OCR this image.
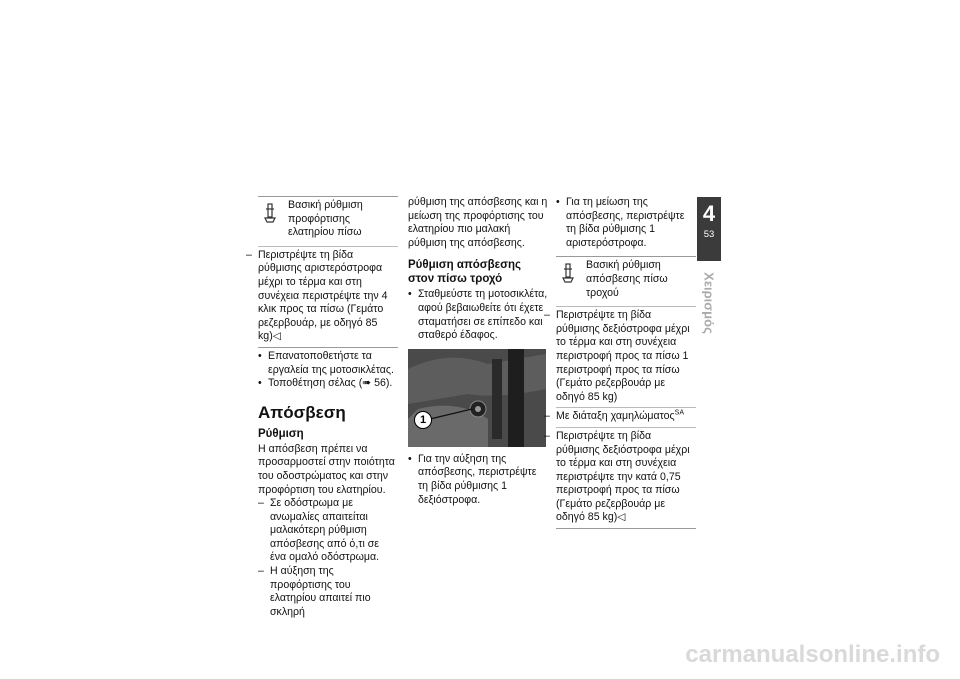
Βασική ρύθμιση προφόρτισης ελατηρίου πίσω
– Περιστρέψτε τη βίδα ρύθμισης αριστερόστροφα μέχρι το τέρμα και στη συνέχεια περιστρέψτε την 4 κλικ προς τα πίσω (Γεμάτο ρεζερβουάρ, με οδηγό 85 kg)◁

• Επανατοποθετήστε τα εργαλεία της μοτοσικλέτας.

• Τοποθέτηση σέλας (➠ 56).

Απόσβεση
Ρύθμιση

Η απόσβεση πρέπει να προσαρμοστεί στην ποιότητα του οδοστρώματος και στην προφόρτιση του ελατηρίου.

– Σε οδόστρωμα με ανωμαλίες απαιτείται μαλακότερη ρύθμιση απόσβεσης από ό,τι σε ένα ομαλό οδόστρωμα.

– Η αύξηση της προφόρτισης του ελατηρίου απαιτεί πιο σκληρή

ρύθμιση της απόσβεσης και η μείωση της προφόρτισης του ελατηρίου πιο μαλακή ρύθμιση της απόσβεσης.

Ρύθμιση απόσβεσης στον πίσω τροχό

• Σταθμεύστε τη μοτοσικλέτα, αφού βεβαιωθείτε ότι έχετε σταματήσει σε επίπεδο και σταθερό έδαφος.

1

• Για την αύξηση της απόσβεσης, περιστρέψτε τη βίδα ρύθμισης 1 δεξιόστροφα.

• Για τη μείωση της απόσβεσης, περιστρέψτε τη βίδα ρύθμισης 1 αριστερόστροφα.

Βασική ρύθμιση απόσβεσης πίσω τροχού
– Περιστρέψτε τη βίδα ρύθμισης δεξιόστροφα μέχρι το τέρμα και στη συνέχεια περιστροφή προς τα πίσω 1 περιστροφή προς τα πίσω (Γεμάτο ρεζερβουάρ με οδηγό 85 kg)
– Με διάταξη χαμηλώματος$^{SA}$
– Περιστρέψτε τη βίδα ρύθμισης δεξιόστροφα μέχρι το τέρμα και στη συνέχεια περιστρέψτε την κατά 0,75 περιστροφή προς τα πίσω (Γεμάτο ρεζερβουάρ με οδηγό 85 kg)◁
4
53
Χειρισμός
carmanualsonline.info
